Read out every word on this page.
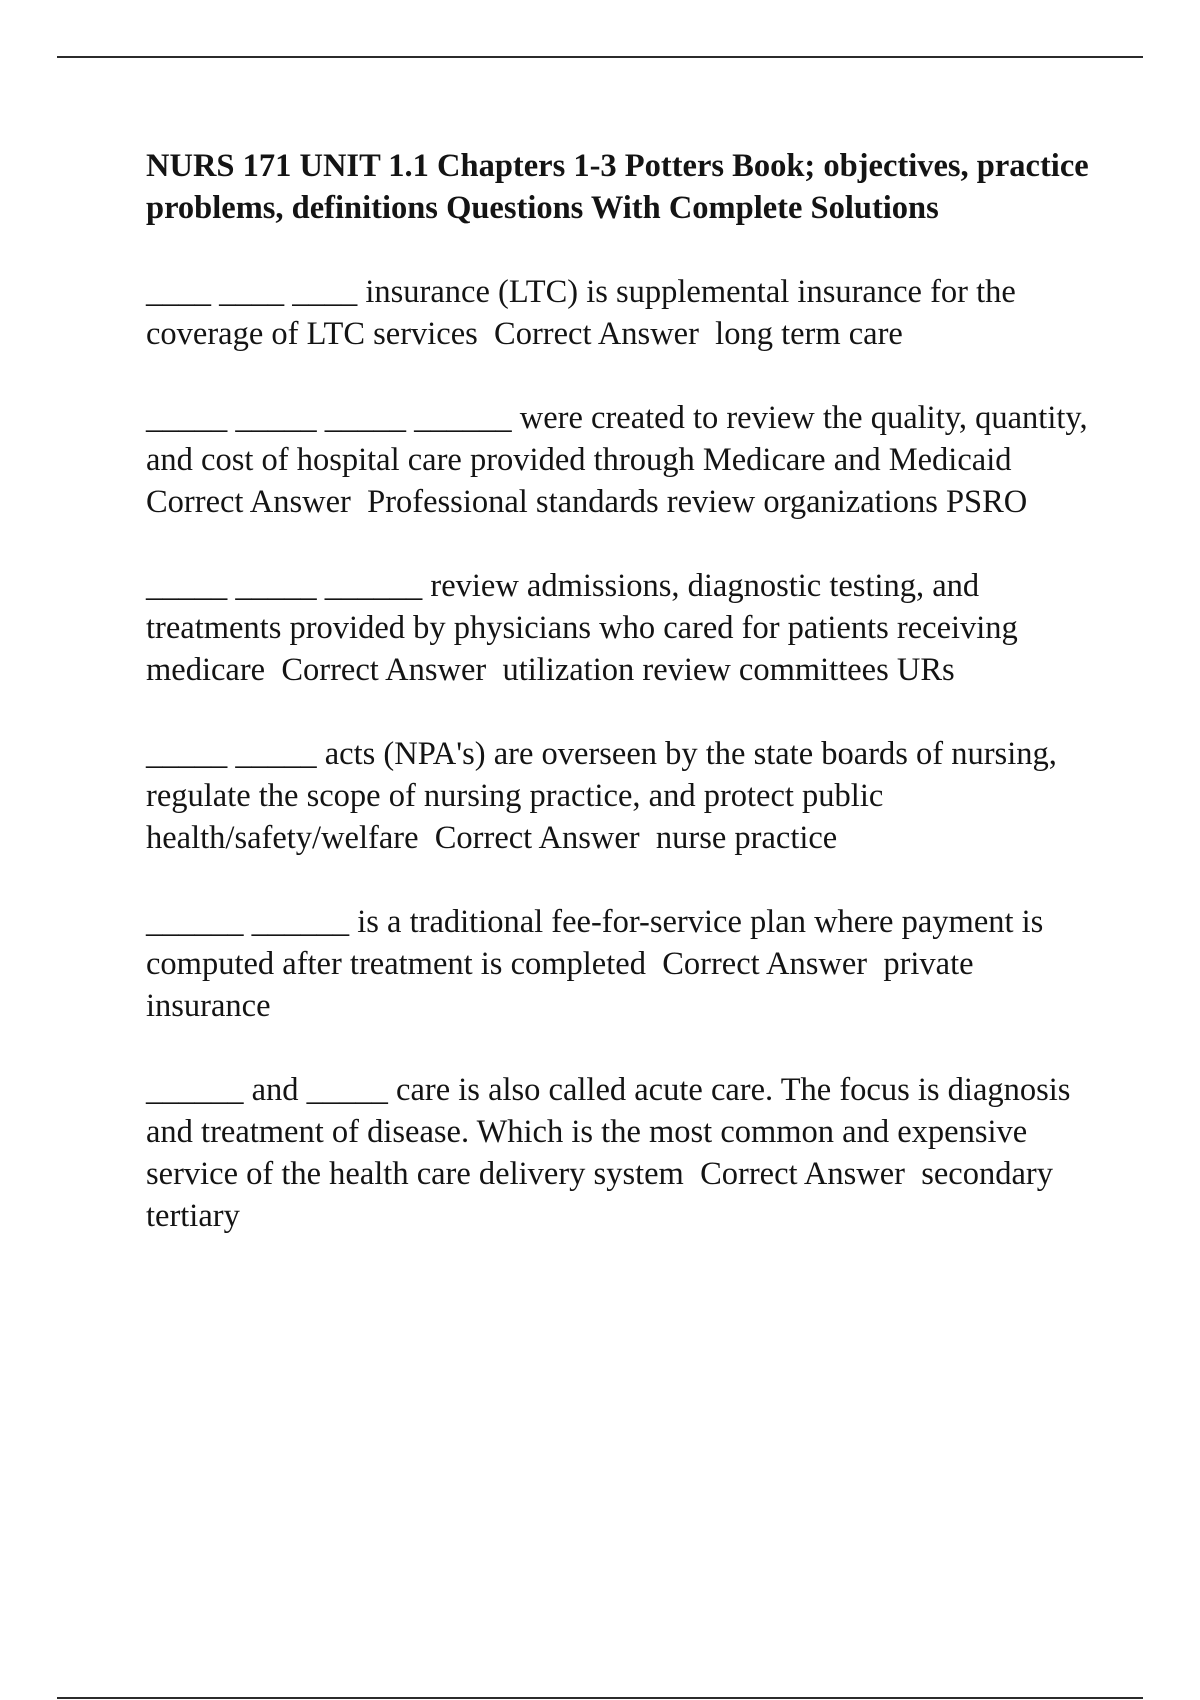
NURS 171 UNIT 1.1 Chapters 1-3 Potters Book; objectives, practice problems, definitions Questions With Complete Solutions

____ ____ ____ insurance (LTC) is supplemental insurance for the coverage of LTC services Correct Answer long term care

_____ _____ _____ ______ were created to review the quality, quantity, and cost of hospital care provided through Medicare and Medicaid  Correct Answer Professional standards review organizations PSRO

_____ _____ ______ review admissions, diagnostic testing, and treatments provided by physicians who cared for patients receiving medicare Correct Answer utilization review committees URs

_____ _____ acts (NPA's) are overseen by the state boards of nursing, regulate the scope of nursing practice, and protect public health/safety/welfare Correct Answer nurse practice

______ ______ is a traditional fee-for-service plan where payment is computed after treatment is completed Correct Answer private insurance

______ and _____ care is also called acute care. The focus is diagnosis and treatment of disease. Which is the most common and expensive service of the health care delivery system Correct Answer secondary tertiary
